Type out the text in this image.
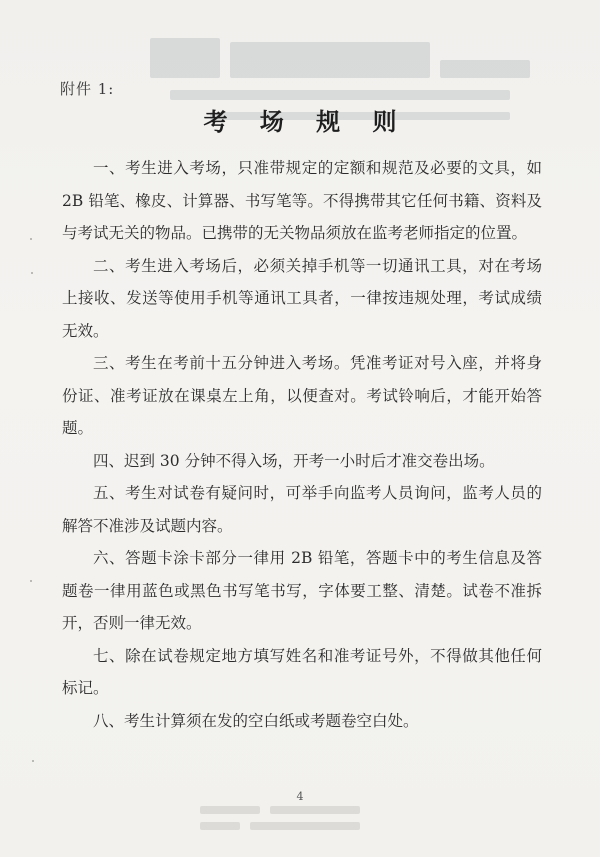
附件 1:
考 场 规 则

一、考生进入考场，只准带规定的定额和规范及必要的文具，如 2B 铅笔、橡皮、计算器、书写笔等。不得携带其它任何书籍、资料及与考试无关的物品。已携带的无关物品须放在监考老师指定的位置。

二、考生进入考场后，必须关掉手机等一切通讯工具，对在考场上接收、发送等使用手机等通讯工具者，一律按违规处理，考试成绩无效。

三、考生在考前十五分钟进入考场。凭准考证对号入座，并将身份证、准考证放在课桌左上角，以便查对。考试铃响后，才能开始答题。

四、迟到 30 分钟不得入场，开考一小时后才准交卷出场。

五、考生对试卷有疑问时，可举手向监考人员询问，监考人员的解答不准涉及试题内容。

六、答题卡涂卡部分一律用 2B 铅笔，答题卡中的考生信息及答题卷一律用蓝色或黑色书写笔书写，字体要工整、清楚。试卷不准拆开，否则一律无效。

七、除在试卷规定地方填写姓名和准考证号外，不得做其他任何标记。

八、考生计算须在发的空白纸或考题卷空白处。

4
